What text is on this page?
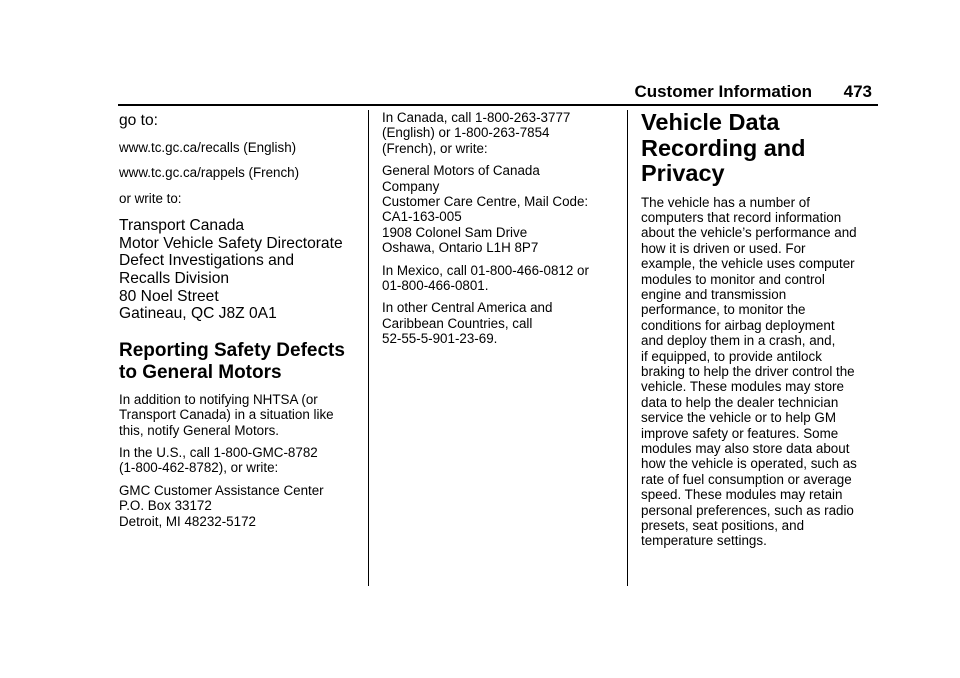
Customer Information 473

go to:

www.tc.gc.ca/recalls (English)

www.tc.gc.ca/rappels (French)

or write to:

Transport Canada
Motor Vehicle Safety Directorate
Defect Investigations and
Recalls Division
80 Noel Street
Gatineau, QC J8Z 0A1
Reporting Safety Defects
to General Motors

In addition to notifying NHTSA (or
Transport Canada) in a situation like
this, notify General Motors.

In the U.S., call 1-800-GMC-8782
(1-800-462-8782), or write:

GMC Customer Assistance Center
P.O. Box 33172
Detroit, MI 48232-5172

In Canada, call 1-800-263-3777
(English) or 1-800-263-7854
(French), or write:

General Motors of Canada
Company
Customer Care Centre, Mail Code:
CA1-163-005
1908 Colonel Sam Drive
Oshawa, Ontario L1H 8P7

In Mexico, call 01-800-466-0812 or
01-800-466-0801.

In other Central America and
Caribbean Countries, call
52-55-5-901-23-69.

Vehicle Data
Recording and
Privacy

The vehicle has a number of
computers that record information
about the vehicle’s performance and
how it is driven or used. For
example, the vehicle uses computer
modules to monitor and control
engine and transmission
performance, to monitor the
conditions for airbag deployment
and deploy them in a crash, and,
if equipped, to provide antilock
braking to help the driver control the
vehicle. These modules may store
data to help the dealer technician
service the vehicle or to help GM
improve safety or features. Some
modules may also store data about
how the vehicle is operated, such as
rate of fuel consumption or average
speed. These modules may retain
personal preferences, such as radio
presets, seat positions, and
temperature settings.
